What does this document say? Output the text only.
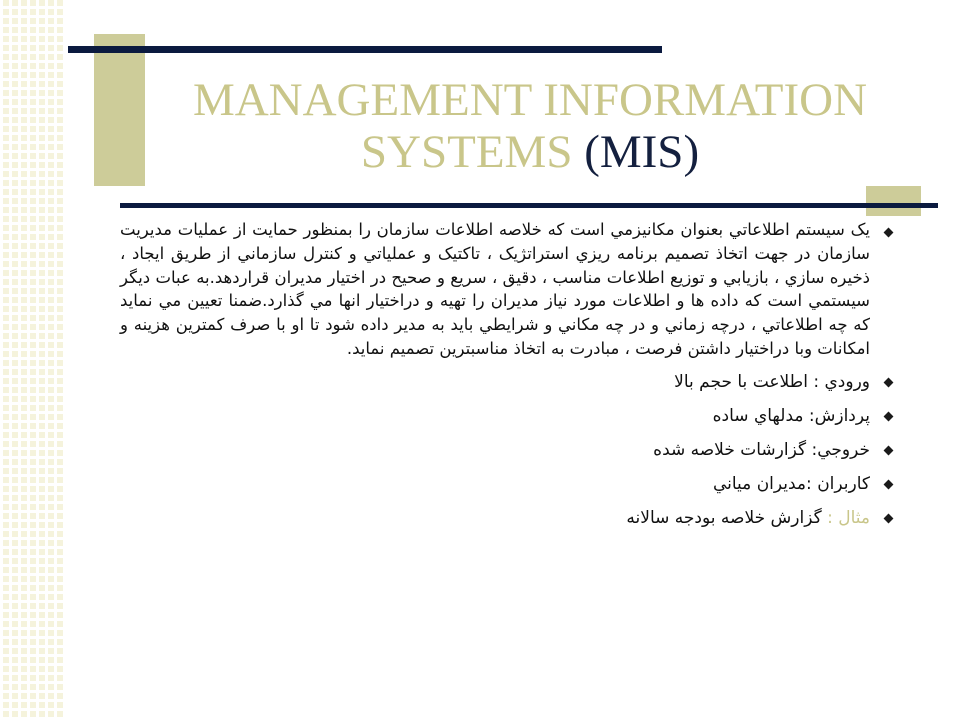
MANAGEMENT INFORMATION
SYSTEMS (MIS)
يک سيستم اطلاعاتي بعنوان مکانيزمي است که خلاصه اطلاعات سازمان را بمنظور حمايت از عمليات مديريت سازمان در جهت اتخاذ تصميم برنامه ريزي استراتژيک ، تاکتيک و عملياتي و کنترل سازماني از طريق ايجاد ، ذخيره سازي ، بازيابي و توزيع اطلاعات مناسب ، دقيق ، سريع و صحيح در اختيار مديران قراردهد.به عبات ديگر سيستمي است که داده ها و اطلاعات مورد نياز مديران را تهيه و دراختيار انها مي گذارد.ضمنا تعيين مي نمايد که چه اطلاعاتي ، درچه زماني و در چه مکاني و شرايطي بايد به مدير داده شود تا او با صرف کمترين هزينه و امکانات وبا دراختيار داشتن فرصت ، مبادرت به اتخاذ مناسبترين تصميم نمايد.
ورودي : اطلاعت با حجم بالا
پردازش: مدلهاي ساده
خروجي: گزارشات خلاصه شده
کاربران :مديران مياني
مثال : گزارش خلاصه بودجه سالانه
